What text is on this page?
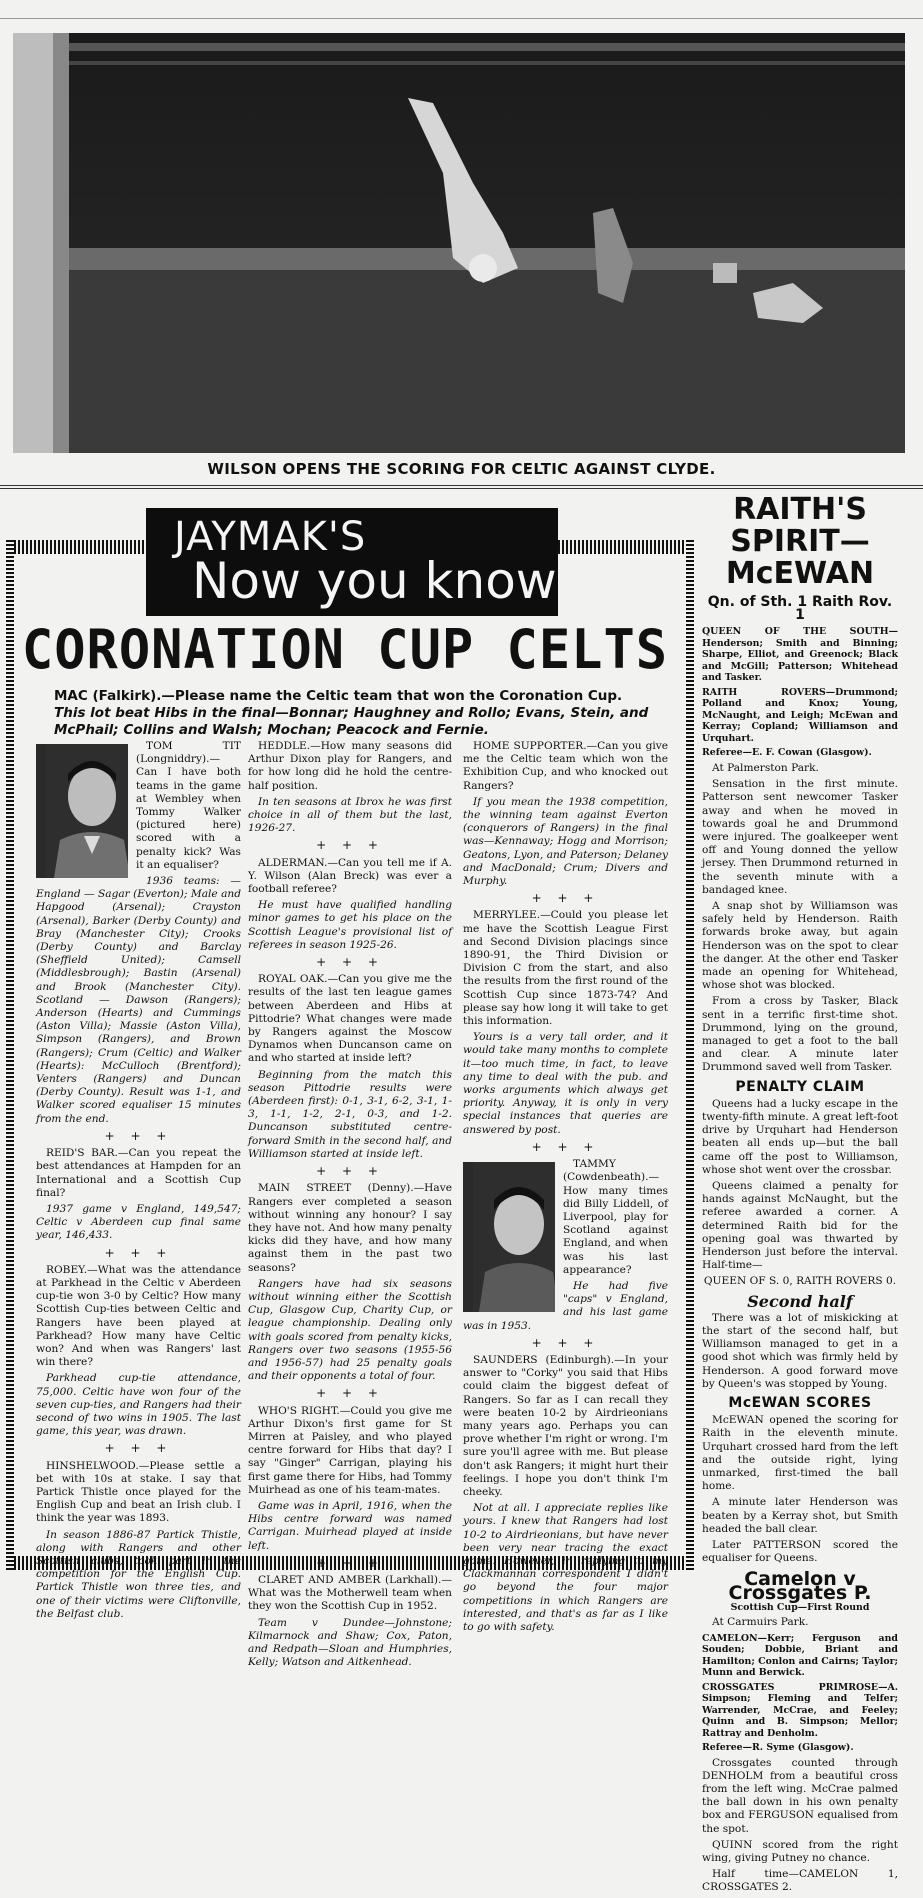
WILSON OPENS THE SCORING FOR CELTIC AGAINST CLYDE.
JAYMAK'S
Now you know
CORONATION CUP CELTS
MAC (Falkirk).—Please name the Celtic team that won the Coronation Cup.
This lot beat Hibs in the final—Bonnar; Haughney and Rollo; Evans, Stein, and McPhail; Collins and Walsh; Mochan; Peacock and Fernie.

TOM TIT (Longniddry).—Can I have both teams in the game at Wembley when Tommy Walker (pictured here) scored with a penalty kick? Was it an equaliser?

1936 teams: — England — Sagar (Everton); Male and Hapgood (Arsenal); Crayston (Arsenal), Barker (Derby County) and Bray (Manchester City); Crooks (Derby County) and Barclay (Sheffield United); Camsell (Middlesbrough); Bastin (Arsenal) and Brook (Manchester City). Scotland — Dawson (Rangers); Anderson (Hearts) and Cummings (Aston Villa); Massie (Aston Villa), Simpson (Rangers), and Brown (Rangers); Crum (Celtic) and Walker (Hearts): McCulloch (Brentford); Venters (Rangers) and Duncan (Derby County). Result was 1-1, and Walker scored equaliser 15 minutes from the end.

+ + +

REID'S BAR.—Can you repeat the best attendances at Hampden for an International and a Scottish Cup final?

1937 game v England, 149,547; Celtic v Aberdeen cup final same year, 146,433.

+ + +

ROBEY.—What was the attendance at Parkhead in the Celtic v Aberdeen cup-tie won 3-0 by Celtic? How many Scottish Cup-ties between Celtic and Rangers have been played at Parkhead? How many have Celtic won? And when was Rangers' last win there?

Parkhead cup-tie attendance, 75,000. Celtic have won four of the seven cup-ties, and Rangers had their second of two wins in 1905. The last game, this year, was drawn.

+ + +

HINSHELWOOD.—Please settle a bet with 10s at stake. I say that Partick Thistle once played for the English Cup and beat an Irish club. I think the year was 1893.

In season 1886-87 Partick Thistle, along with Rangers and other Scottish clubs, took part in the competition for the English Cup. Partick Thistle won three ties, and one of their victims were Cliftonville, the Belfast club.

HEDDLE.—How many seasons did Arthur Dixon play for Rangers, and for how long did he hold the centre-half position.

In ten seasons at Ibrox he was first choice in all of them but the last, 1926-27.

+ + +

ALDERMAN.—Can you tell me if A. Y. Wilson (Alan Breck) was ever a football referee?

He must have qualified handling minor games to get his place on the Scottish League's provisional list of referees in season 1925-26.

+ + +

ROYAL OAK.—Can you give me the results of the last ten league games between Aberdeen and Hibs at Pittodrie? What changes were made by Rangers against the Moscow Dynamos when Duncanson came on and who started at inside left?

Beginning from the match this season Pittodrie results were (Aberdeen first): 0-1, 3-1, 6-2, 3-1, 1-3, 1-1, 1-2, 2-1, 0-3, and 1-2. Duncanson substituted centre-forward Smith in the second half, and Williamson started at inside left.

+ + +

MAIN STREET (Denny).—Have Rangers ever completed a season without winning any honour? I say they have not. And how many penalty kicks did they have, and how many against them in the past two seasons?

Rangers have had six seasons without winning either the Scottish Cup, Glasgow Cup, Charity Cup, or league championship. Dealing only with goals scored from penalty kicks, Rangers over two seasons (1955-56 and 1956-57) had 25 penalty goals and their opponents a total of four.

+ + +

WHO'S RIGHT.—Could you give me Arthur Dixon's first game for St Mirren at Paisley, and who played centre forward for Hibs that day? I say "Ginger" Carrigan, playing his first game there for Hibs, had Tommy Muirhead as one of his team-mates.

Game was in April, 1916, when the Hibs centre forward was named Carrigan. Muirhead played at inside left.

+ + +

CLARET AND AMBER (Larkhall).—What was the Motherwell team when they won the Scottish Cup in 1952.

Team v Dundee—Johnstone; Kilmarnock and Shaw; Cox, Paton, and Redpath—Sloan and Humphries, Kelly; Watson and Aitkenhead.

HOME SUPPORTER.—Can you give me the Celtic team which won the Exhibition Cup, and who knocked out Rangers?

If you mean the 1938 competition, the winning team against Everton (conquerors of Rangers) in the final was—Kennaway; Hogg and Morrison; Geatons, Lyon, and Paterson; Delaney and MacDonald; Crum; Divers and Murphy.

+ + +

MERRYLEE.—Could you please let me have the Scottish League First and Second Division placings since 1890-91, the Third Division or Division C from the start, and also the results from the first round of the Scottish Cup since 1873-74? And please say how long it will take to get this information.

Yours is a very tall order, and it would take many months to complete it—too much time, in fact, to leave any time to deal with the pub. and works arguments which always get priority. Anyway, it is only in very special instances that queries are answered by post.

+ + +

TAMMY (Cowdenbeath).—How many times did Billy Liddell, of Liverpool, play for Scotland against England, and when was his last appearance?

He had five "caps" v England, and his last game was in 1953.

+ + +

SAUNDERS (Edinburgh).—In your answer to "Corky" you said that Hibs could claim the biggest defeat of Rangers. So far as I can recall they were beaten 10-2 by Airdrieonians many years ago. Perhaps you can prove whether I'm right or wrong. I'm sure you'll agree with me. But please don't ask Rangers; it might hurt their feelings. I hope you don't think I'm cheeky.

Not at all. I appreciate replies like yours. I knew that Rangers had lost 10-2 to Airdrieonians, but have never been very near tracing the exact game. However, in replying to my Clackmannan correspondent I didn't go beyond the four major competitions in which Rangers are interested, and that's as far as I like to go with safety.

RAITH'S SPIRIT—McEWAN
Qn. of Sth. 1 Raith Rov. 1

QUEEN OF THE SOUTH—Henderson; Smith and Binning; Sharpe, Elliot, and Greenock; Black and McGill; Patterson; Whitehead and Tasker.

RAITH ROVERS—Drummond; Polland and Knox; Young, McNaught, and Leigh; McEwan and Kerray; Copland; Williamson and Urquhart.

Referee—E. F. Cowan (Glasgow).

At Palmerston Park.

Sensation in the first minute. Patterson sent newcomer Tasker away and when he moved in towards goal he and Drummond were injured. The goalkeeper went off and Young donned the yellow jersey. Then Drummond returned in the seventh minute with a bandaged knee.

A snap shot by Williamson was safely held by Henderson. Raith forwards broke away, but again Henderson was on the spot to clear the danger. At the other end Tasker made an opening for Whitehead, whose shot was blocked.

From a cross by Tasker, Black sent in a terrific first-time shot. Drummond, lying on the ground, managed to get a foot to the ball and clear. A minute later Drummond saved well from Tasker.

PENALTY CLAIM

Queens had a lucky escape in the twenty-fifth minute. A great left-foot drive by Urquhart had Henderson beaten all ends up—but the ball came off the post to Williamson, whose shot went over the crossbar.

Queens claimed a penalty for hands against McNaught, but the referee awarded a corner. A determined Raith bid for the opening goal was thwarted by Henderson just before the interval. Half-time—

QUEEN OF S. 0, RAITH ROVERS 0.

Second half

There was a lot of miskicking at the start of the second half, but Williamson managed to get in a good shot which was firmly held by Henderson. A good forward move by Queen's was stopped by Young.

McEWAN SCORES

McEWAN opened the scoring for Raith in the eleventh minute. Urquhart crossed hard from the left and the outside right, lying unmarked, first-timed the ball home.

A minute later Henderson was beaten by a Kerray shot, but Smith headed the ball clear.

Later PATTERSON scored the equaliser for Queens.

Camelon v Crossgates P.

Scottish Cup—First Round

At Carmuirs Park.

CAMELON—Kerr; Ferguson and Souden; Dobbie, Briant and Hamilton; Conlon and Cairns; Taylor; Munn and Berwick.

CROSSGATES PRIMROSE—A. Simpson; Fleming and Telfer; Warrender, McCrae, and Feeley; Quinn and B. Simpson; Mellor; Rattray and Denholm.

Referee—R. Syme (Glasgow).

Crossgates counted through DENHOLM from a beautiful cross from the left wing. McCrae palmed the ball down in his own penalty box and FERGUSON equalised from the spot.

QUINN scored from the right wing, giving Putney no chance.

Half time—CAMELON 1, CROSSGATES 2.
